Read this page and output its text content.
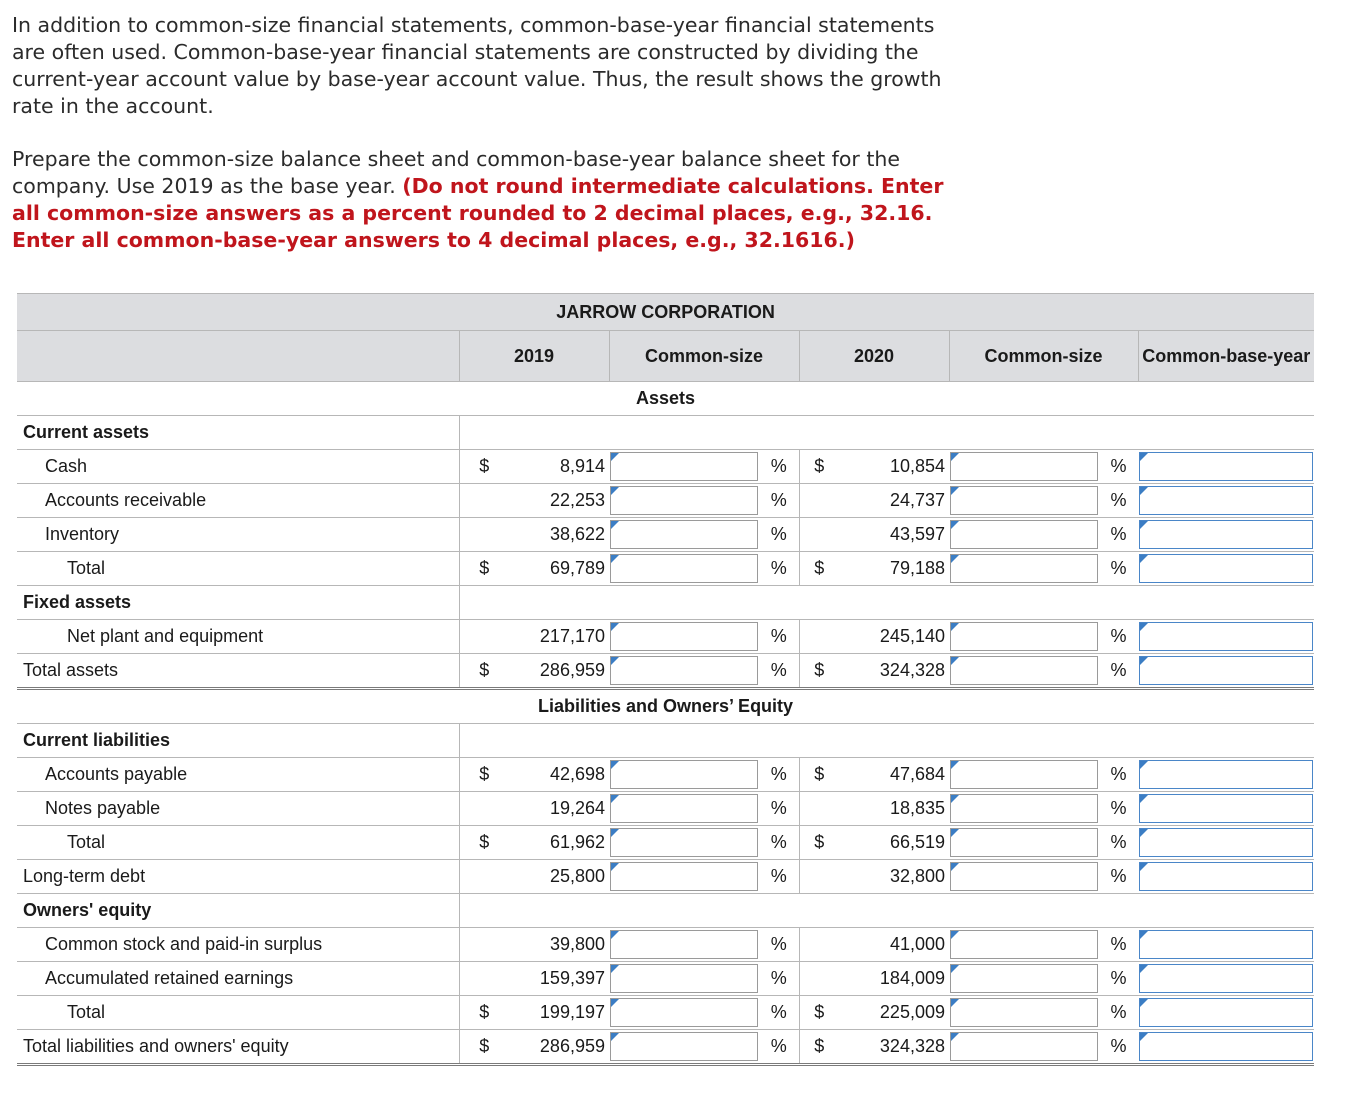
In addition to common-size financial statements, common-base-year financial statements are often used. Common-base-year financial statements are constructed by dividing the current-year account value by base-year account value. Thus, the result shows the growth rate in the account.

Prepare the common-size balance sheet and common-base-year balance sheet for the company. Use 2019 as the base year. (Do not round intermediate calculations. Enter all common-size answers as a percent rounded to 2 decimal places, e.g., 32.16. Enter all common-base-year answers to 4 decimal places, e.g., 32.1616.)

JARROW CORPORATION									
	2019		Common-size		2020		Common-size		Common-base-year
Assets									
Current assets									
Cash	$	8,914		%	$	10,854		%	

Accounts receivable		22,253		%		24,737		%	

Inventory		38,622		%		43,597		%	

Total	$	69,789		%	$	79,188		%	

Fixed assets									
Net plant and equipment		217,170		%		245,140		%	

Total assets	$	286,959		%	$	324,328		%	

Liabilities and Owners’ Equity									
Current liabilities									
Accounts payable	$	42,698		%	$	47,684		%	

Notes payable		19,264		%		18,835		%	

Total	$	61,962		%	$	66,519		%	

Long-term debt		25,800		%		32,800		%	

Owners' equity									
Common stock and paid-in surplus		39,800		%		41,000		%	

Accumulated retained earnings		159,397		%		184,009		%	

Total	$	199,197		%	$	225,009		%	

Total liabilities and owners' equity	$	286,959		%	$	324,328		%	
